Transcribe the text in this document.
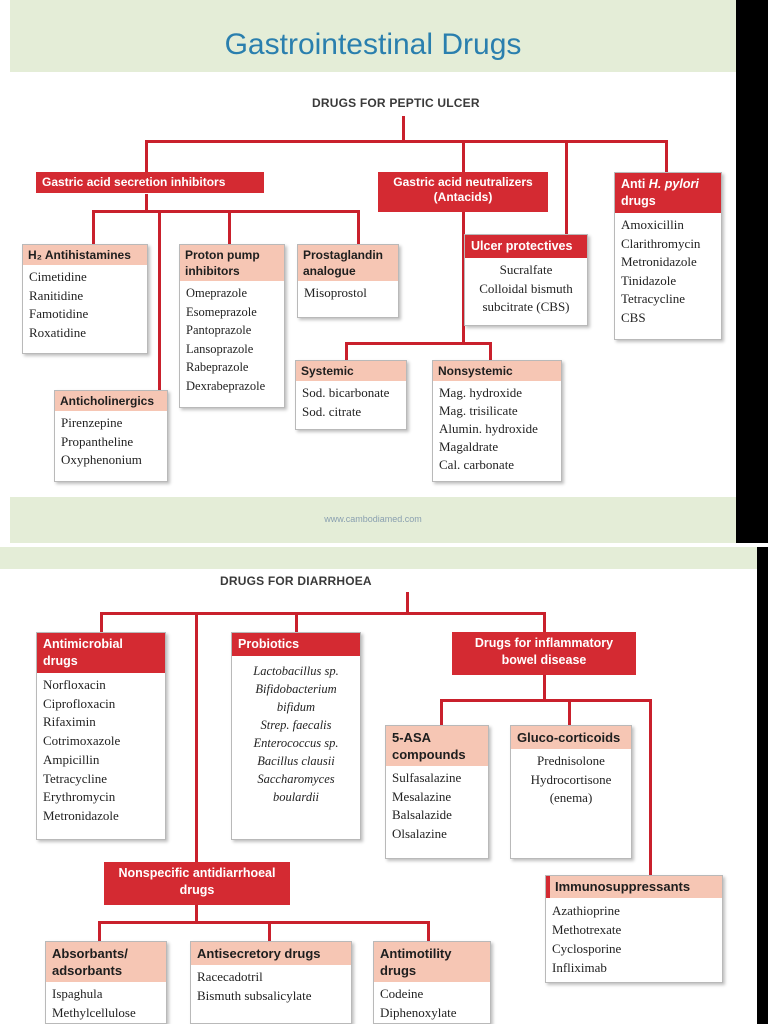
Gastrointestinal Drugs
DRUGS FOR PEPTIC ULCER
Gastric acid secretion inhibitors	Gastric acid neutralizers (Antacids)
Anti H. pylori
drugs
Amoxicillin
Clarithromycin
Metronidazole
Tinidazole
Tetracycline
CBS
H₂ Antihistamines
Cimetidine
Ranitidine
Famotidine
Roxatidine
Proton pump inhibitors
Omeprazole
Esomeprazole
Pantoprazole
Lansoprazole
Rabeprazole
Dexrabeprazole
Prostaglandin analogue
Misoprostol
Ulcer protectives
Sucralfate
Colloidal bismuth
subcitrate (CBS)
Anticholinergics
Pirenzepine
Propantheline
Oxyphenonium
Systemic
Sod. bicarbonate
Sod. citrate
Nonsystemic
Mag. hydroxide
Mag. trisilicate
Alumin. hydroxide
Magaldrate
Cal. carbonate
www.cambodiamed.com
DRUGS FOR DIARRHOEA
Antimicrobial drugs
Norfloxacin
Ciprofloxacin
Rifaximin
Cotrimoxazole
Ampicillin
Tetracycline
Erythromycin
Metronidazole
Probiotics
Lactobacillus sp.
Bifidobacterium
bifidum
Strep. faecalis
Enterococcus sp.
Bacillus clausii
Saccharomyces
boulardii
Drugs for inflammatory bowel disease
5-ASA compounds
Sulfasalazine
Mesalazine
Balsalazide
Olsalazine
Gluco-corticoids
Prednisolone
Hydrocortisone
(enema)
Immunosuppressants
Azathioprine
Methotrexate
Cyclosporine
Infliximab
Nonspecific antidiarrhoeal drugs
Absorbants/ adsorbants
Ispaghula
Methylcellulose
Antisecretory drugs
Racecadotril
Bismuth subsalicylate
Antimotility drugs
Codeine
Diphenoxylate
